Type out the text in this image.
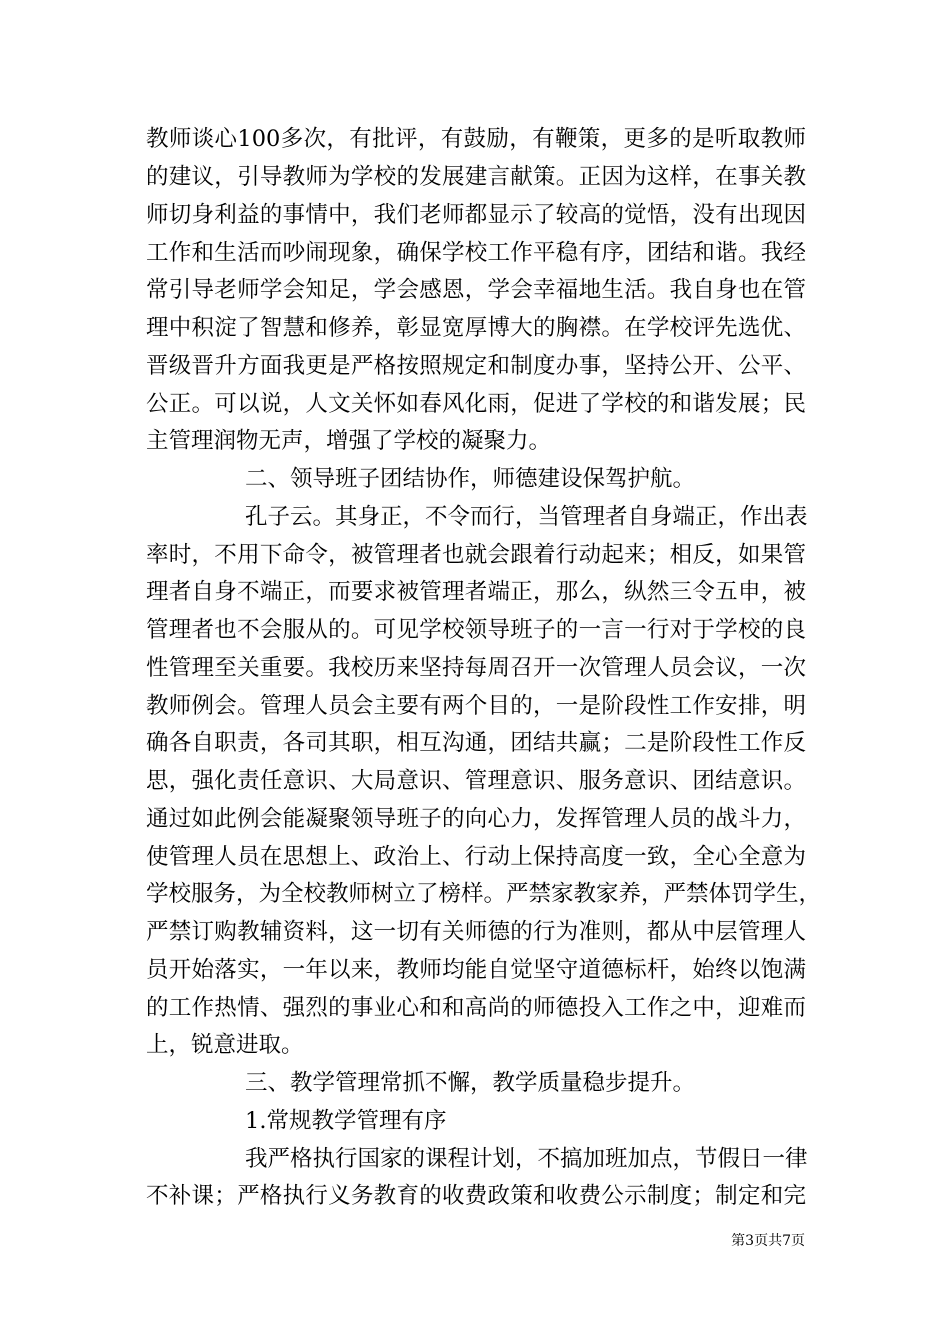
教师谈心100多次，有批评，有鼓励，有鞭策，更多的是听取教师
的建议，引导教师为学校的发展建言献策。正因为这样，在事关教
师切身利益的事情中，我们老师都显示了较高的觉悟，没有出现因
工作和生活而吵闹现象，确保学校工作平稳有序，团结和谐。我经
常引导老师学会知足，学会感恩，学会幸福地生活。我自身也在管
理中积淀了智慧和修养，彰显宽厚博大的胸襟。在学校评先选优、
晋级晋升方面我更是严格按照规定和制度办事，坚持公开、公平、
公正。可以说，人文关怀如春风化雨，促进了学校的和谐发展；民
主管理润物无声，增强了学校的凝聚力。
二、领导班子团结协作，师德建设保驾护航。
孔子云。其身正，不令而行，当管理者自身端正，作出表
率时，不用下命令，被管理者也就会跟着行动起来；相反，如果管
理者自身不端正，而要求被管理者端正，那么，纵然三令五申，被
管理者也不会服从的。可见学校领导班子的一言一行对于学校的良
性管理至关重要。我校历来坚持每周召开一次管理人员会议，一次
教师例会。管理人员会主要有两个目的，一是阶段性工作安排，明
确各自职责，各司其职，相互沟通，团结共赢；二是阶段性工作反
思，强化责任意识、大局意识、管理意识、服务意识、团结意识。
通过如此例会能凝聚领导班子的向心力，发挥管理人员的战斗力，
使管理人员在思想上、政治上、行动上保持高度一致，全心全意为
学校服务，为全校教师树立了榜样。严禁家教家养，严禁体罚学生，
严禁订购教辅资料，这一切有关师德的行为准则，都从中层管理人
员开始落实，一年以来，教师均能自觉坚守道德标杆，始终以饱满
的工作热情、强烈的事业心和和高尚的师德投入工作之中，迎难而
上，锐意进取。
三、教学管理常抓不懈，教学质量稳步提升。
1.常规教学管理有序
我严格执行国家的课程计划，不搞加班加点，节假日一律
不补课；严格执行义务教育的收费政策和收费公示制度；制定和完
第3页共7页
